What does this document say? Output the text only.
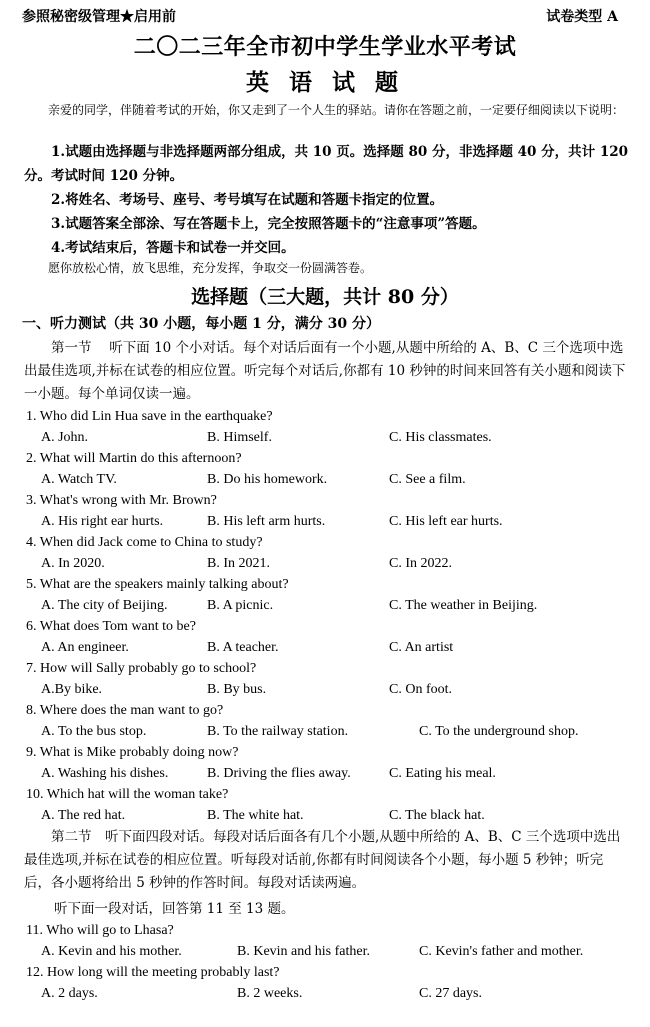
参照秘密级管理★启用前	试卷类型 A
二〇二三年全市初中学生学业水平考试
英 语 试 题
亲爱的同学，伴随着考试的开始，你又走到了一个人生的驿站。请你在答题之前，一定要仔细阅读以下说明：

1.试题由选择题与非选择题两部分组成，共 10 页。选择题 80 分，非选择题 40 分，共计 120 分。考试时间 120 分钟。

2.将姓名、考场号、座号、考号填写在试题和答题卡指定的位置。

3.试题答案全部涂、写在答题卡上，完全按照答题卡的“注意事项”答题。

4.考试结束后，答题卡和试卷一并交回。

愿你放松心情，放飞思维，充分发挥，争取交一份圆满答卷。
选择题（三大题，共计 80 分）
一、听力测试（共 30 小题，每小题 1 分，满分 30 分）
第一节　 听下面 10 个小对话。每个对话后面有一个小题,从题中所给的 A、B、C 三个选项中选出最佳选项,并标在试卷的相应位置。听完每个对话后,你都有 10 秒钟的时间来回答有关小题和阅读下一小题。每个单词仅读一遍。
1. Who did Lin Hua save in the earthquake?
A. John.	B. Himself.	C. His classmates.
2. What will Martin do this afternoon?
A. Watch TV.	B. Do his homework.	C. See a film.
3. What's wrong with Mr. Brown?
A. His right ear hurts.	B. His left arm hurts.	C. His left ear hurts.
4. When did Jack come to China to study?
A. In 2020.	B. In 2021.	C. In 2022.
5. What are the speakers mainly talking about?
A. The city of Beijing.	B. A picnic.	C. The weather in Beijing.
6. What does Tom want to be?
A. An engineer.	B. A teacher.	C. An artist
7. How will Sally probably go to school?
A.By bike.	B. By bus.	C. On foot.
8. Where does the man want to go?
A. To the bus stop.	B. To the railway station.	C. To the underground shop.
9. What is Mike probably doing now?
A. Washing his dishes.	B. Driving the flies away.	C. Eating his meal.
10. Which hat will the woman take?
A. The red hat.	B. The white hat.	C. The black hat.
第二节　听下面四段对话。每段对话后面各有几个小题,从题中所给的 A、B、C 三个选项中选出最佳选项,并标在试卷的相应位置。听每段对话前,你都有时间阅读各个小题，每小题 5 秒钟；听完后，各小题将给出 5 秒钟的作答时间。每段对话读两遍。
听下面一段对话，回答第 11 至 13 题。
11. Who will go to Lhasa?
A. Kevin and his mother.	B. Kevin and his father.	C. Kevin's father and mother.
12. How long will the meeting probably last?
A. 2 days.	B. 2 weeks.	C. 27 days.
